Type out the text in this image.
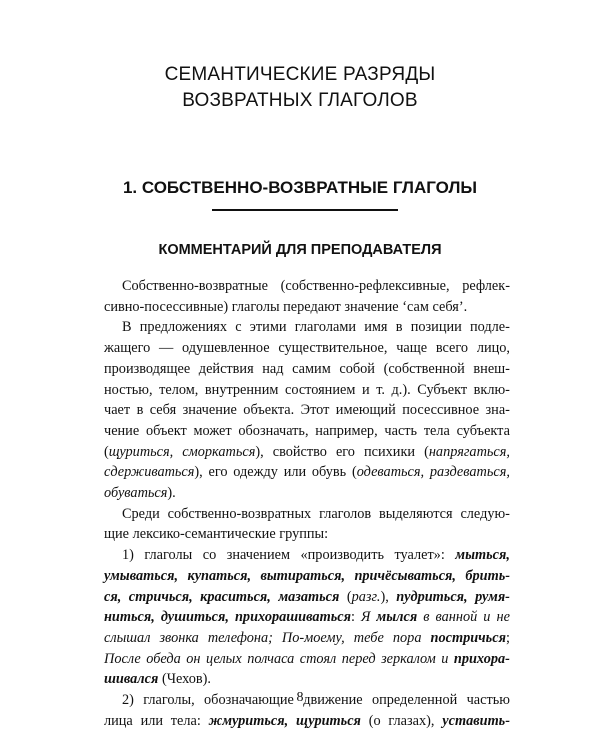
СЕМАНТИЧЕСКИЕ РАЗРЯДЫ
ВОЗВРАТНЫХ ГЛАГОЛОВ
1. СОБСТВЕННО-ВОЗВРАТНЫЕ ГЛАГОЛЫ
КОММЕНТАРИЙ ДЛЯ ПРЕПОДАВАТЕЛЯ
Собственно-возвратные (собственно-рефлексивные, рефлек-
сивно-посессивные)
глаголы
передают
значение
‘сам
себя’.

В предложениях с этими глаголами имя в позиции подле-
жащего — одушевленное существительное, чаще всего лицо,
производящее действия над самим собой (собственной внеш-
ностью, телом, внутренним состоянием и т. д.). Субъект вклю-
чает в себя значение объекта. Этот имеющий посессивное зна-
чение объект может обозначать, например, часть тела субъекта
(щуриться, сморкаться), свойство его психики (напрягаться,
сдерживаться), его одежду или обувь (одеваться, раздеваться,
обуваться).

Среди собственно-возвратных глаголов выделяются следую-
щие
лексико-семантические
группы:

1) глаголы со значением «производить туалет»: мыться,
умываться, купаться, вытираться, причёсываться, брить-
ся, стричься, краситься, мазаться (разг.), пудриться, румя-
ниться, душиться, прихорашиваться: Я мылся в ванной и не
слышал звонка телефона; По-моему, тебе пора постричься;
После обеда он целых полчаса стоял перед зеркалом и прихора-
шивался
(Чехов).

2) глаголы, обозначающие движение определенной частью
лица или тела: жмуриться, щуриться (о глазах), уставить-
8
